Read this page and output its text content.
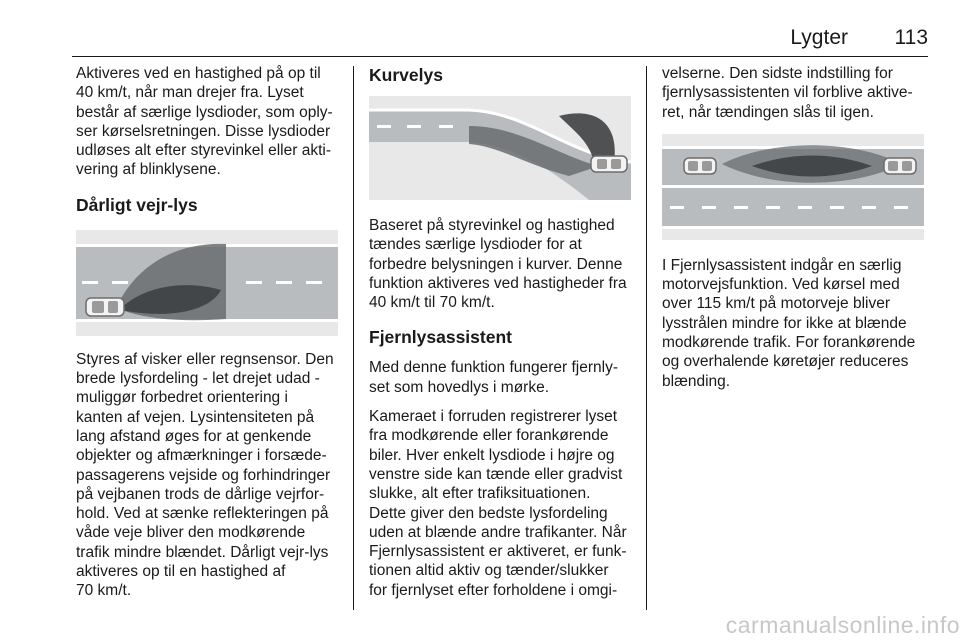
Lygter	113

Aktiveres ved en hastighed på op til
40 km/t, når man drejer fra. Lyset
består af særlige lysdioder, som oply-
ser kørselsretningen. Disse lysdioder
udløses alt efter styrevinkel eller akti-
vering af blinklysene.

Dårligt vejr-lys

Styres af visker eller regnsensor. Den
brede lysfordeling - let drejet udad -
muliggør forbedret orientering i
kanten af vejen. Lysintensiteten på
lang afstand øges for at genkende
objekter og afmærkninger i forsæde-
passagerens vejside og forhindringer
på vejbanen trods de dårlige vejrfor-
hold. Ved at sænke reflekteringen på
våde veje bliver den modkørende
trafik mindre blændet. Dårligt vejr-lys
aktiveres op til en hastighed af
70 km/t.

Kurvelys

Baseret på styrevinkel og hastighed
tændes særlige lysdioder for at
forbedre belysningen i kurver. Denne
funktion aktiveres ved hastigheder fra
40 km/t til 70 km/t.

Fjernlysassistent

Med denne funktion fungerer fjernly-
set som hovedlys i mørke.

Kameraet i forruden registrerer lyset
fra modkørende eller forankørende
biler. Hver enkelt lysdiode i højre og
venstre side kan tænde eller gradvist
slukke, alt efter trafiksituationen.
Dette giver den bedste lysfordeling
uden at blænde andre trafikanter. Når
Fjernlysassistent er aktiveret, er funk-
tionen altid aktiv og tænder/slukker
for fjernlyset efter forholdene i omgi-

velserne. Den sidste indstilling for
fjernlysassistenten vil forblive aktive-
ret, når tændingen slås til igen.

I Fjernlysassistent indgår en særlig
motorvejsfunktion. Ved kørsel med
over 115 km/t på motorveje bliver
lysstrålen mindre for ikke at blænde
modkørende trafik. For forankørende
og overhalende køretøjer reduceres
blænding.

carmanualsonline.info
